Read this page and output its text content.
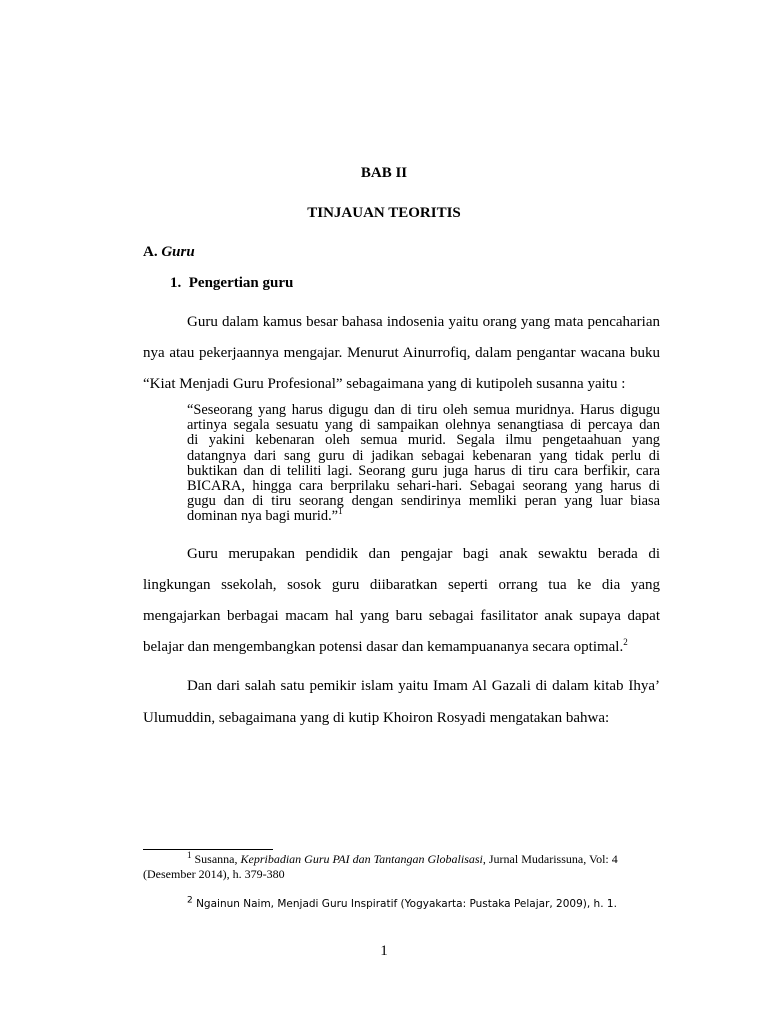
BAB II
TINJAUAN TEORITIS
A. Guru
1. Pengertian guru
Guru dalam kamus besar bahasa indosenia yaitu orang yang mata pencaharian
nya atau pekerjaannya mengajar. Menurut Ainurrofiq, dalam pengantar wacana buku
“Kiat Menjadi Guru Profesional” sebagaimana yang di kutipoleh susanna yaitu :
“Seseorang yang harus digugu dan di tiru oleh semua muridnya. Harus digugu
artinya segala sesuatu yang di sampaikan olehnya senangtiasa di percaya dan
di yakini kebenaran oleh semua murid. Segala ilmu pengetaahuan yang
datangnya dari sang guru di jadikan sebagai kebenaran yang tidak perlu di
buktikan dan di teliliti lagi. Seorang guru juga harus di tiru cara berfikir, cara
BICARA, hingga cara berprilaku sehari-hari. Sebagai seorang yang harus di
gugu dan di tiru seorang dengan sendirinya memliki peran yang luar biasa
dominan nya bagi murid.”$^1$
Guru merupakan pendidik dan pengajar bagi anak sewaktu berada di
lingkungan ssekolah, sosok guru diibaratkan seperti orrang tua ke dia yang
mengajarkan berbagai macam hal yang baru sebagai fasilitator anak supaya dapat
belajar dan mengembangkan potensi dasar dan kemampuananya secara optimal.$^2$
Dan dari salah satu pemikir islam yaitu Imam Al Gazali di dalam kitab Ihya’
Ulumuddin, sebagaimana yang di kutip Khoiron Rosyadi mengatakan bahwa:
$^1$ Susanna, Kepribadian Guru PAI dan Tantangan Globalisasi, Jurnal Mudarissuna, Vol: 4
(Desember 2014), h. 379-380
$^2$ Ngainun Naim, Menjadi Guru Inspiratif (Yogyakarta: Pustaka Pelajar, 2009), h. 1.
1
